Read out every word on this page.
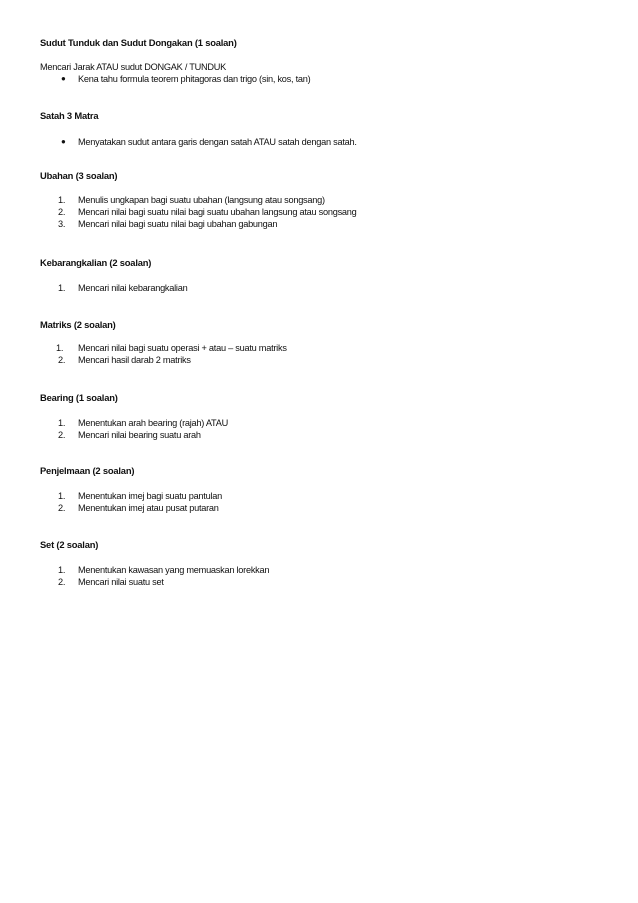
Sudut Tunduk dan Sudut Dongakan (1 soalan)
Mencari Jarak ATAU sudut DONGAK / TUNDUK
● Kena tahu formula teorem phitagoras dan trigo (sin, kos, tan)
Satah 3 Matra
● Menyatakan sudut antara garis dengan satah ATAU satah dengan satah.
Ubahan (3 soalan)
1. Menulis ungkapan bagi suatu ubahan (langsung atau songsang)
2. Mencari nilai bagi suatu nilai bagi suatu ubahan langsung atau songsang
3. Mencari nilai bagi suatu nilai bagi ubahan gabungan
Kebarangkalian (2 soalan)
1. Mencari nilai kebarangkalian
Matriks (2 soalan)
1. Mencari nilai bagi suatu operasi + atau – suatu matriks
2. Mencari hasil darab 2 matriks
Bearing (1 soalan)
1. Menentukan arah bearing (rajah) ATAU
2. Mencari nilai bearing suatu arah
Penjelmaan (2 soalan)
1. Menentukan imej bagi suatu pantulan
2. Menentukan imej atau pusat putaran
Set (2 soalan)
1. Menentukan kawasan yang memuaskan lorekkan
2. Mencari nilai suatu set
